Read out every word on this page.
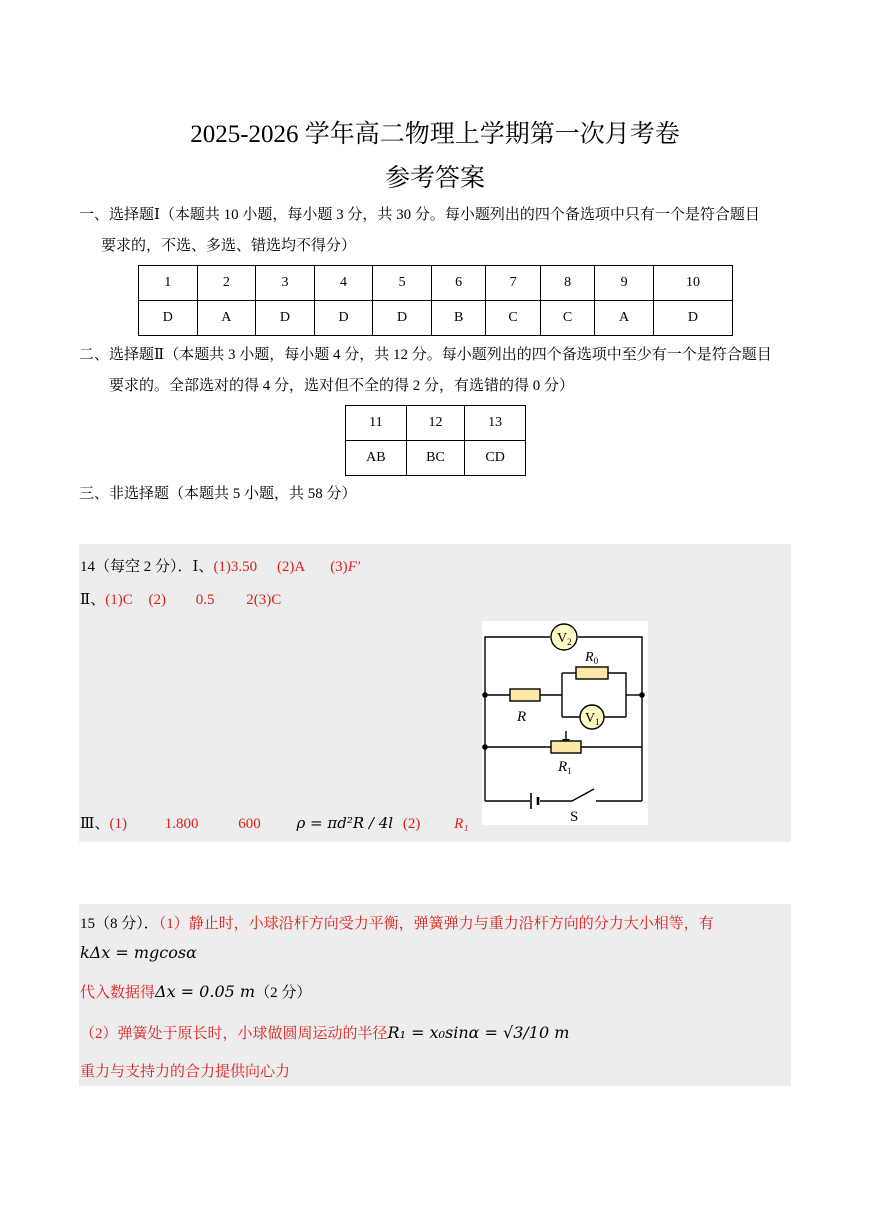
2025-2026 学年高二物理上学期第一次月考卷
参考答案
一、选择题Ⅰ（本题共 10 小题，每小题 3 分，共 30 分。每小题列出的四个备选项中只有一个是符合题目
要求的，不选、多选、错选均不得分）
1	2	3	4	5	6	7	8	9	10
D	A	D	D	D	B	C	C	A	D
二、选择题Ⅱ（本题共 3 小题，每小题 4 分，共 12 分。每小题列出的四个备选项中至少有一个是符合题目
要求的。全部选对的得 4 分，选对但不全的得 2 分，有选错的得 0 分）
11	12	13
AB	BC	CD
三、非选择题（本题共 5 小题，共 58 分）
14（每空 2 分）．Ⅰ、(1)3.50 (2)A (3)F′
Ⅱ、(1)C (2) 0.5 2(3)C
Ⅲ、(1)	1.800	600 ρ = πd²R / 4l (2) R₁
$V_2$
$R_0$
R	$V_1$
$R_1$
S
15（8 分）．（1）静止时，小球沿杆方向受力平衡，弹簧弹力与重力沿杆方向的分力大小相等，有
kΔx = mgcosα
代入数据得Δx = 0.05 m（2 分）
（2）弹簧处于原长时，小球做圆周运动的半径R₁ = x₀sinα = √3/10 m
重力与支持力的合力提供向心力
